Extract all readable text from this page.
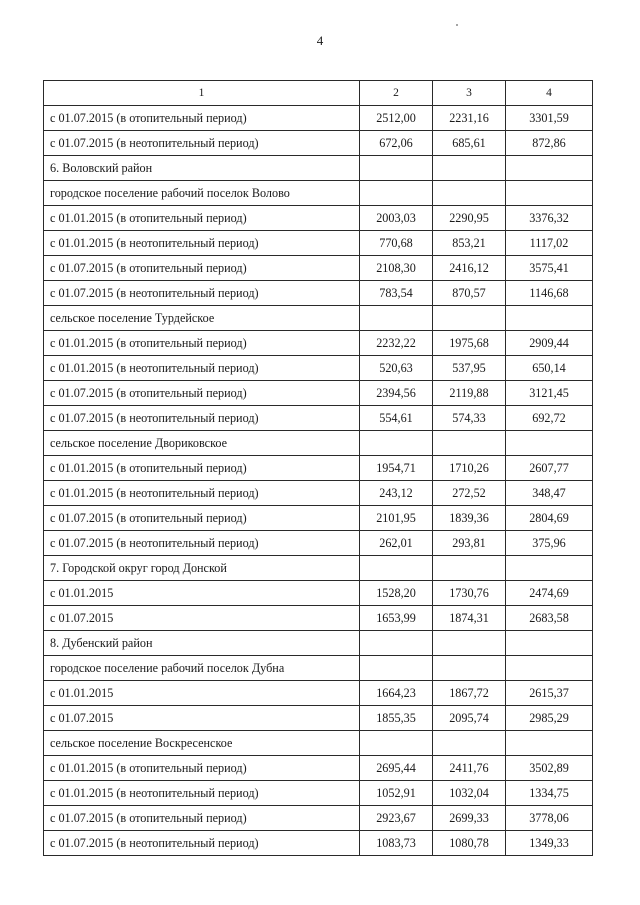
4
1	2	3	4
с 01.07.2015 (в отопительный период)	2512,00	2231,16	3301,59
с 01.07.2015 (в неотопительный период)	672,06	685,61	872,86
6. Воловский район			
городское поселение рабочий поселок Волово			
с 01.01.2015 (в отопительный период)	2003,03	2290,95	3376,32
с 01.01.2015 (в неотопительный период)	770,68	853,21	1117,02
с 01.07.2015 (в отопительный период)	2108,30	2416,12	3575,41
с 01.07.2015 (в неотопительный период)	783,54	870,57	1146,68
сельское поселение Турдейское			
с 01.01.2015 (в отопительный период)	2232,22	1975,68	2909,44
с 01.01.2015 (в неотопительный период)	520,63	537,95	650,14
с 01.07.2015 (в отопительный период)	2394,56	2119,88	3121,45
с 01.07.2015 (в неотопительный период)	554,61	574,33	692,72
сельское поселение Двориковское			
с 01.01.2015 (в отопительный период)	1954,71	1710,26	2607,77
с 01.01.2015 (в неотопительный период)	243,12	272,52	348,47
с 01.07.2015 (в отопительный период)	2101,95	1839,36	2804,69
с 01.07.2015 (в неотопительный период)	262,01	293,81	375,96
7. Городской округ город Донской			
с 01.01.2015	1528,20	1730,76	2474,69
с 01.07.2015	1653,99	1874,31	2683,58
8. Дубенский район			
городское поселение рабочий поселок Дубна			
с 01.01.2015	1664,23	1867,72	2615,37
с 01.07.2015	1855,35	2095,74	2985,29
сельское поселение Воскресенское			
с 01.01.2015 (в отопительный период)	2695,44	2411,76	3502,89
с 01.01.2015 (в неотопительный период)	1052,91	1032,04	1334,75
с 01.07.2015 (в отопительный период)	2923,67	2699,33	3778,06
с 01.07.2015 (в неотопительный период)	1083,73	1080,78	1349,33
